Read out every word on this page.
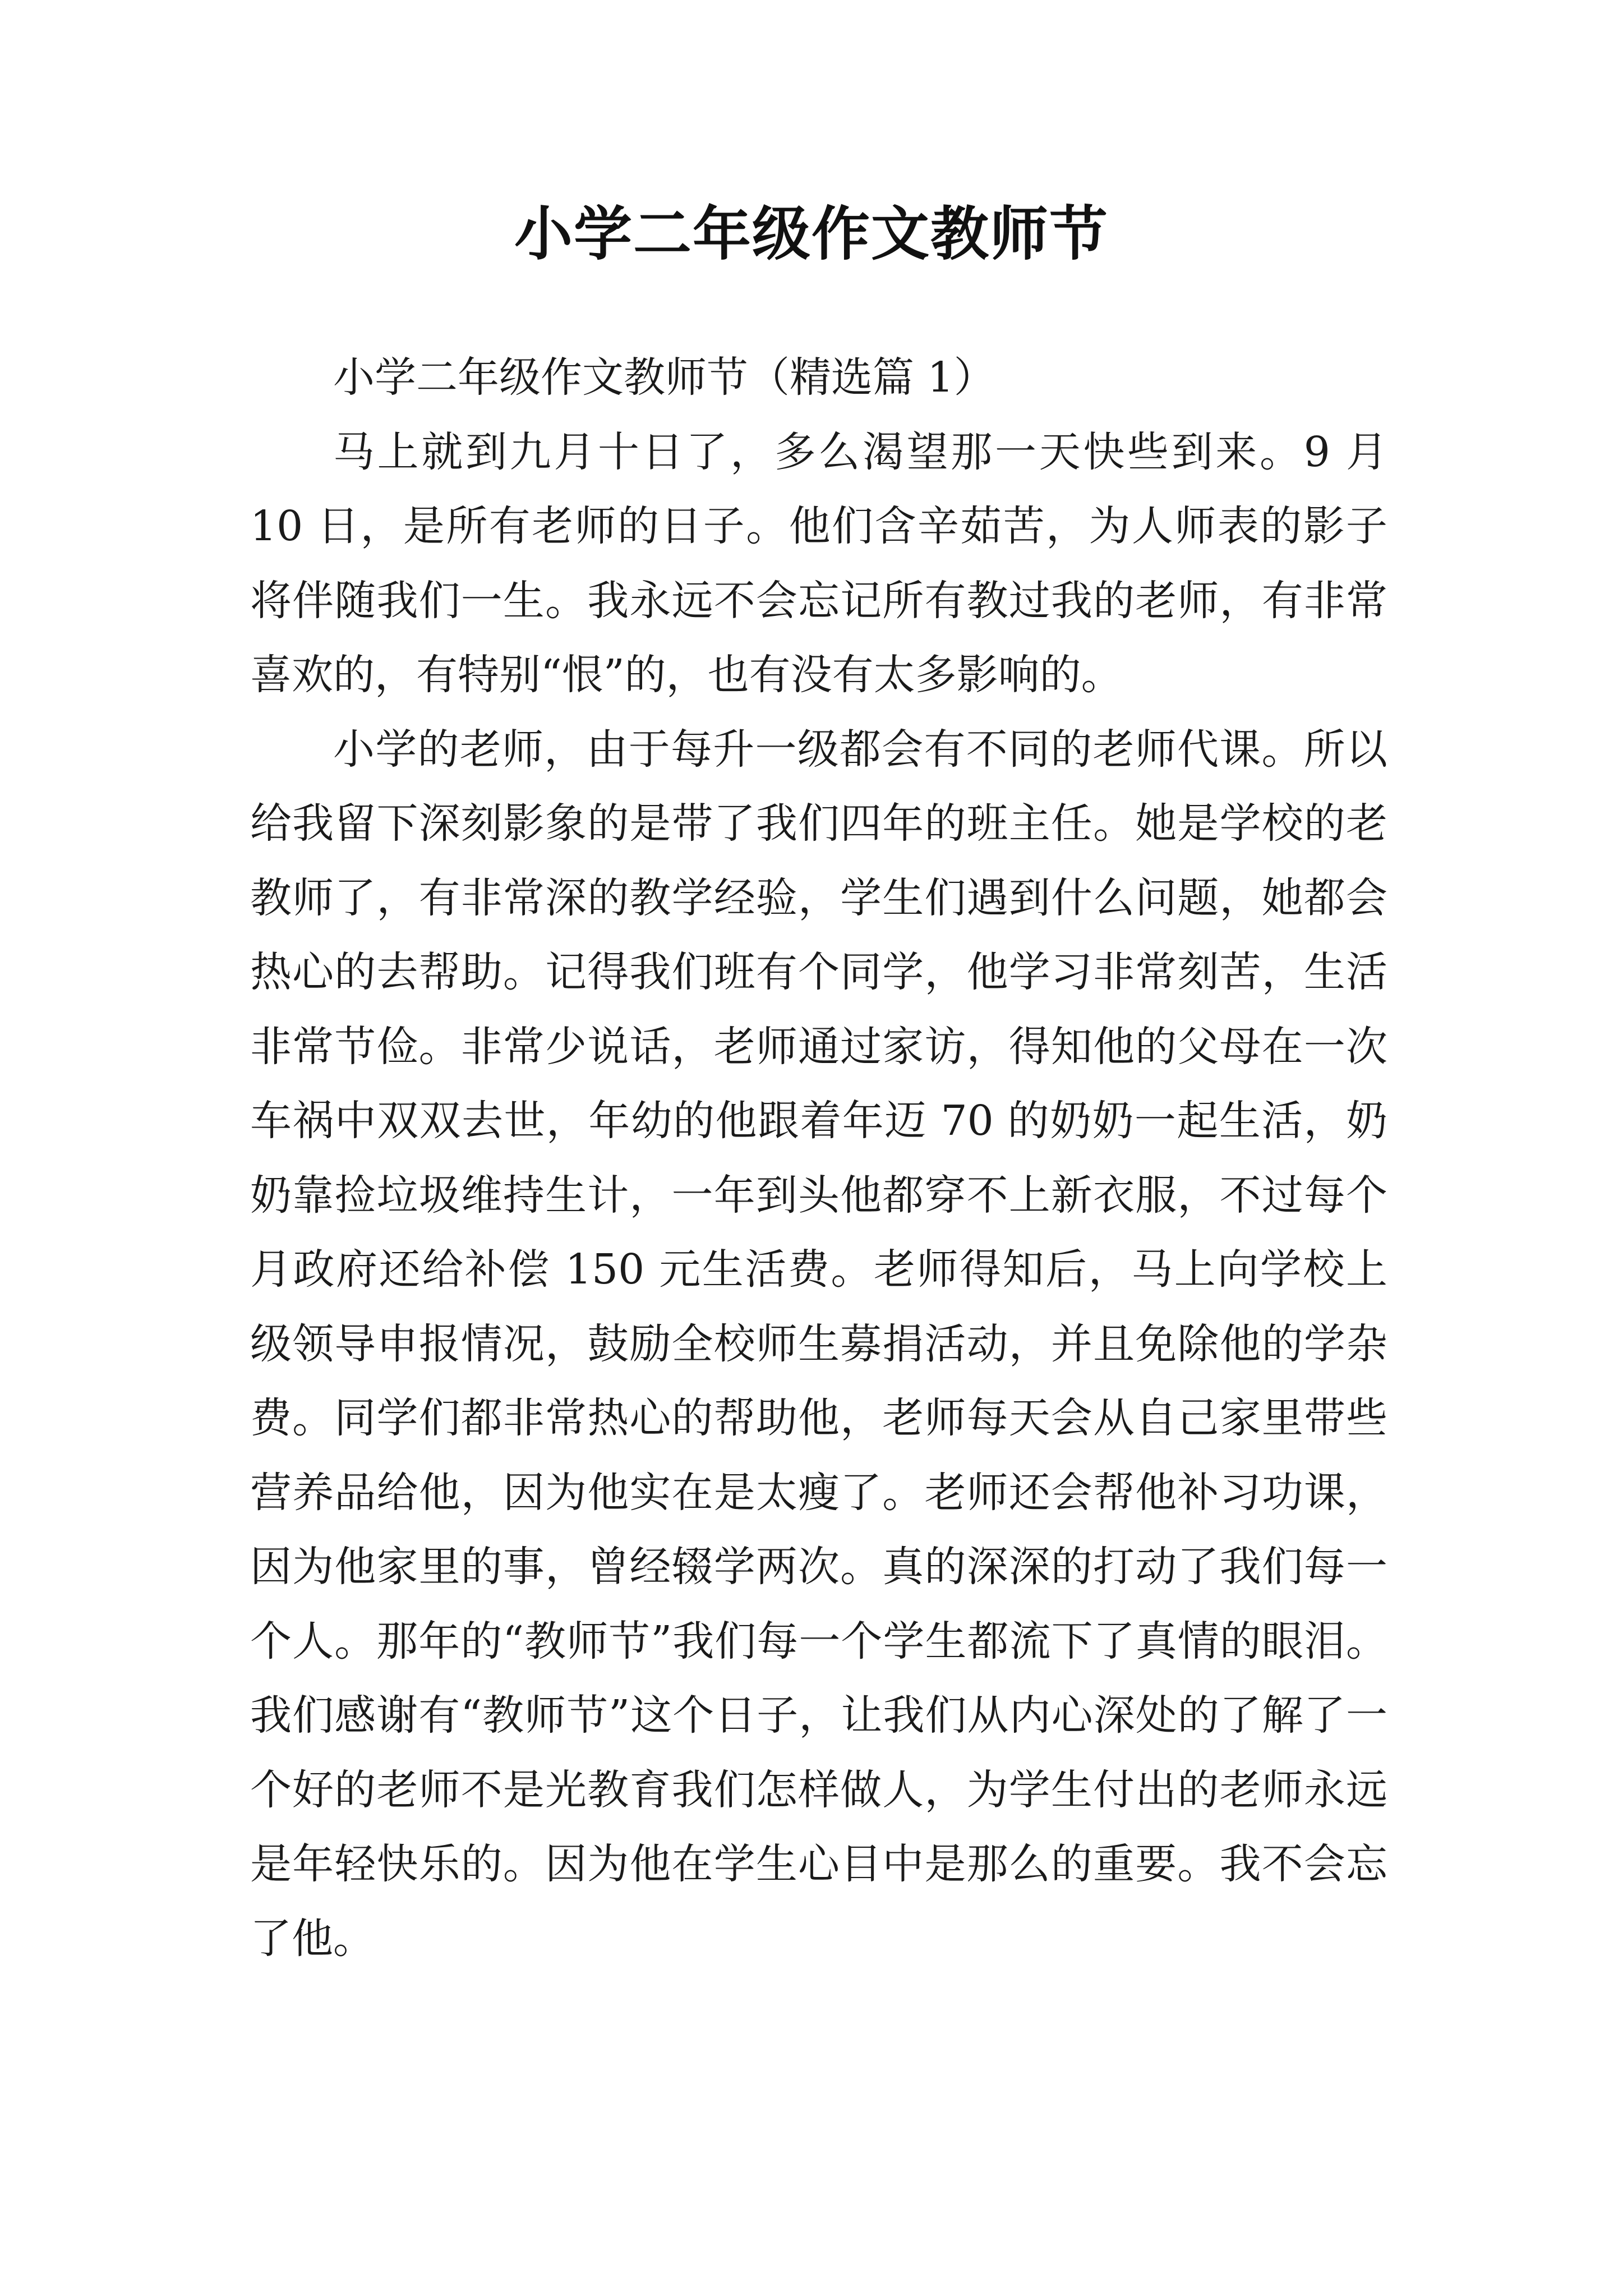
小学二年级作文教师节

小学二年级作文教师节（精选篇 1）

马上就到九月十日了，多么渴望那一天快些到来。9 月 10 日，是所有老师的日子。他们含辛茹苦，为人师表的影子将伴随我们一生。我永远不会忘记所有教过我的老师，有非常喜欢的，有特别“恨”的，也有没有太多影响的。

小学的老师，由于每升一级都会有不同的老师代课。所以给我留下深刻影象的是带了我们四年的班主任。她是学校的老教师了，有非常深的教学经验，学生们遇到什么问题，她都会热心的去帮助。记得我们班有个同学，他学习非常刻苦，生活非常节俭。非常少说话，老师通过家访，得知他的父母在一次车祸中双双去世，年幼的他跟着年迈 70 的奶奶一起生活，奶奶靠捡垃圾维持生计，一年到头他都穿不上新衣服，不过每个月政府还给补偿 150 元生活费。老师得知后，马上向学校上级领导申报情况，鼓励全校师生募捐活动，并且免除他的学杂费。同学们都非常热心的帮助他，老师每天会从自己家里带些营养品给他，因为他实在是太瘦了。老师还会帮他补习功课，因为他家里的事，曾经辍学两次。真的深深的打动了我们每一个人。那年的“教师节”我们每一个学生都流下了真情的眼泪。我们感谢有“教师节”这个日子，让我们从内心深处的了解了一个好的老师不是光教育我们怎样做人，为学生付出的老师永远是年轻快乐的。因为他在学生心目中是那么的重要。我不会忘了他。
